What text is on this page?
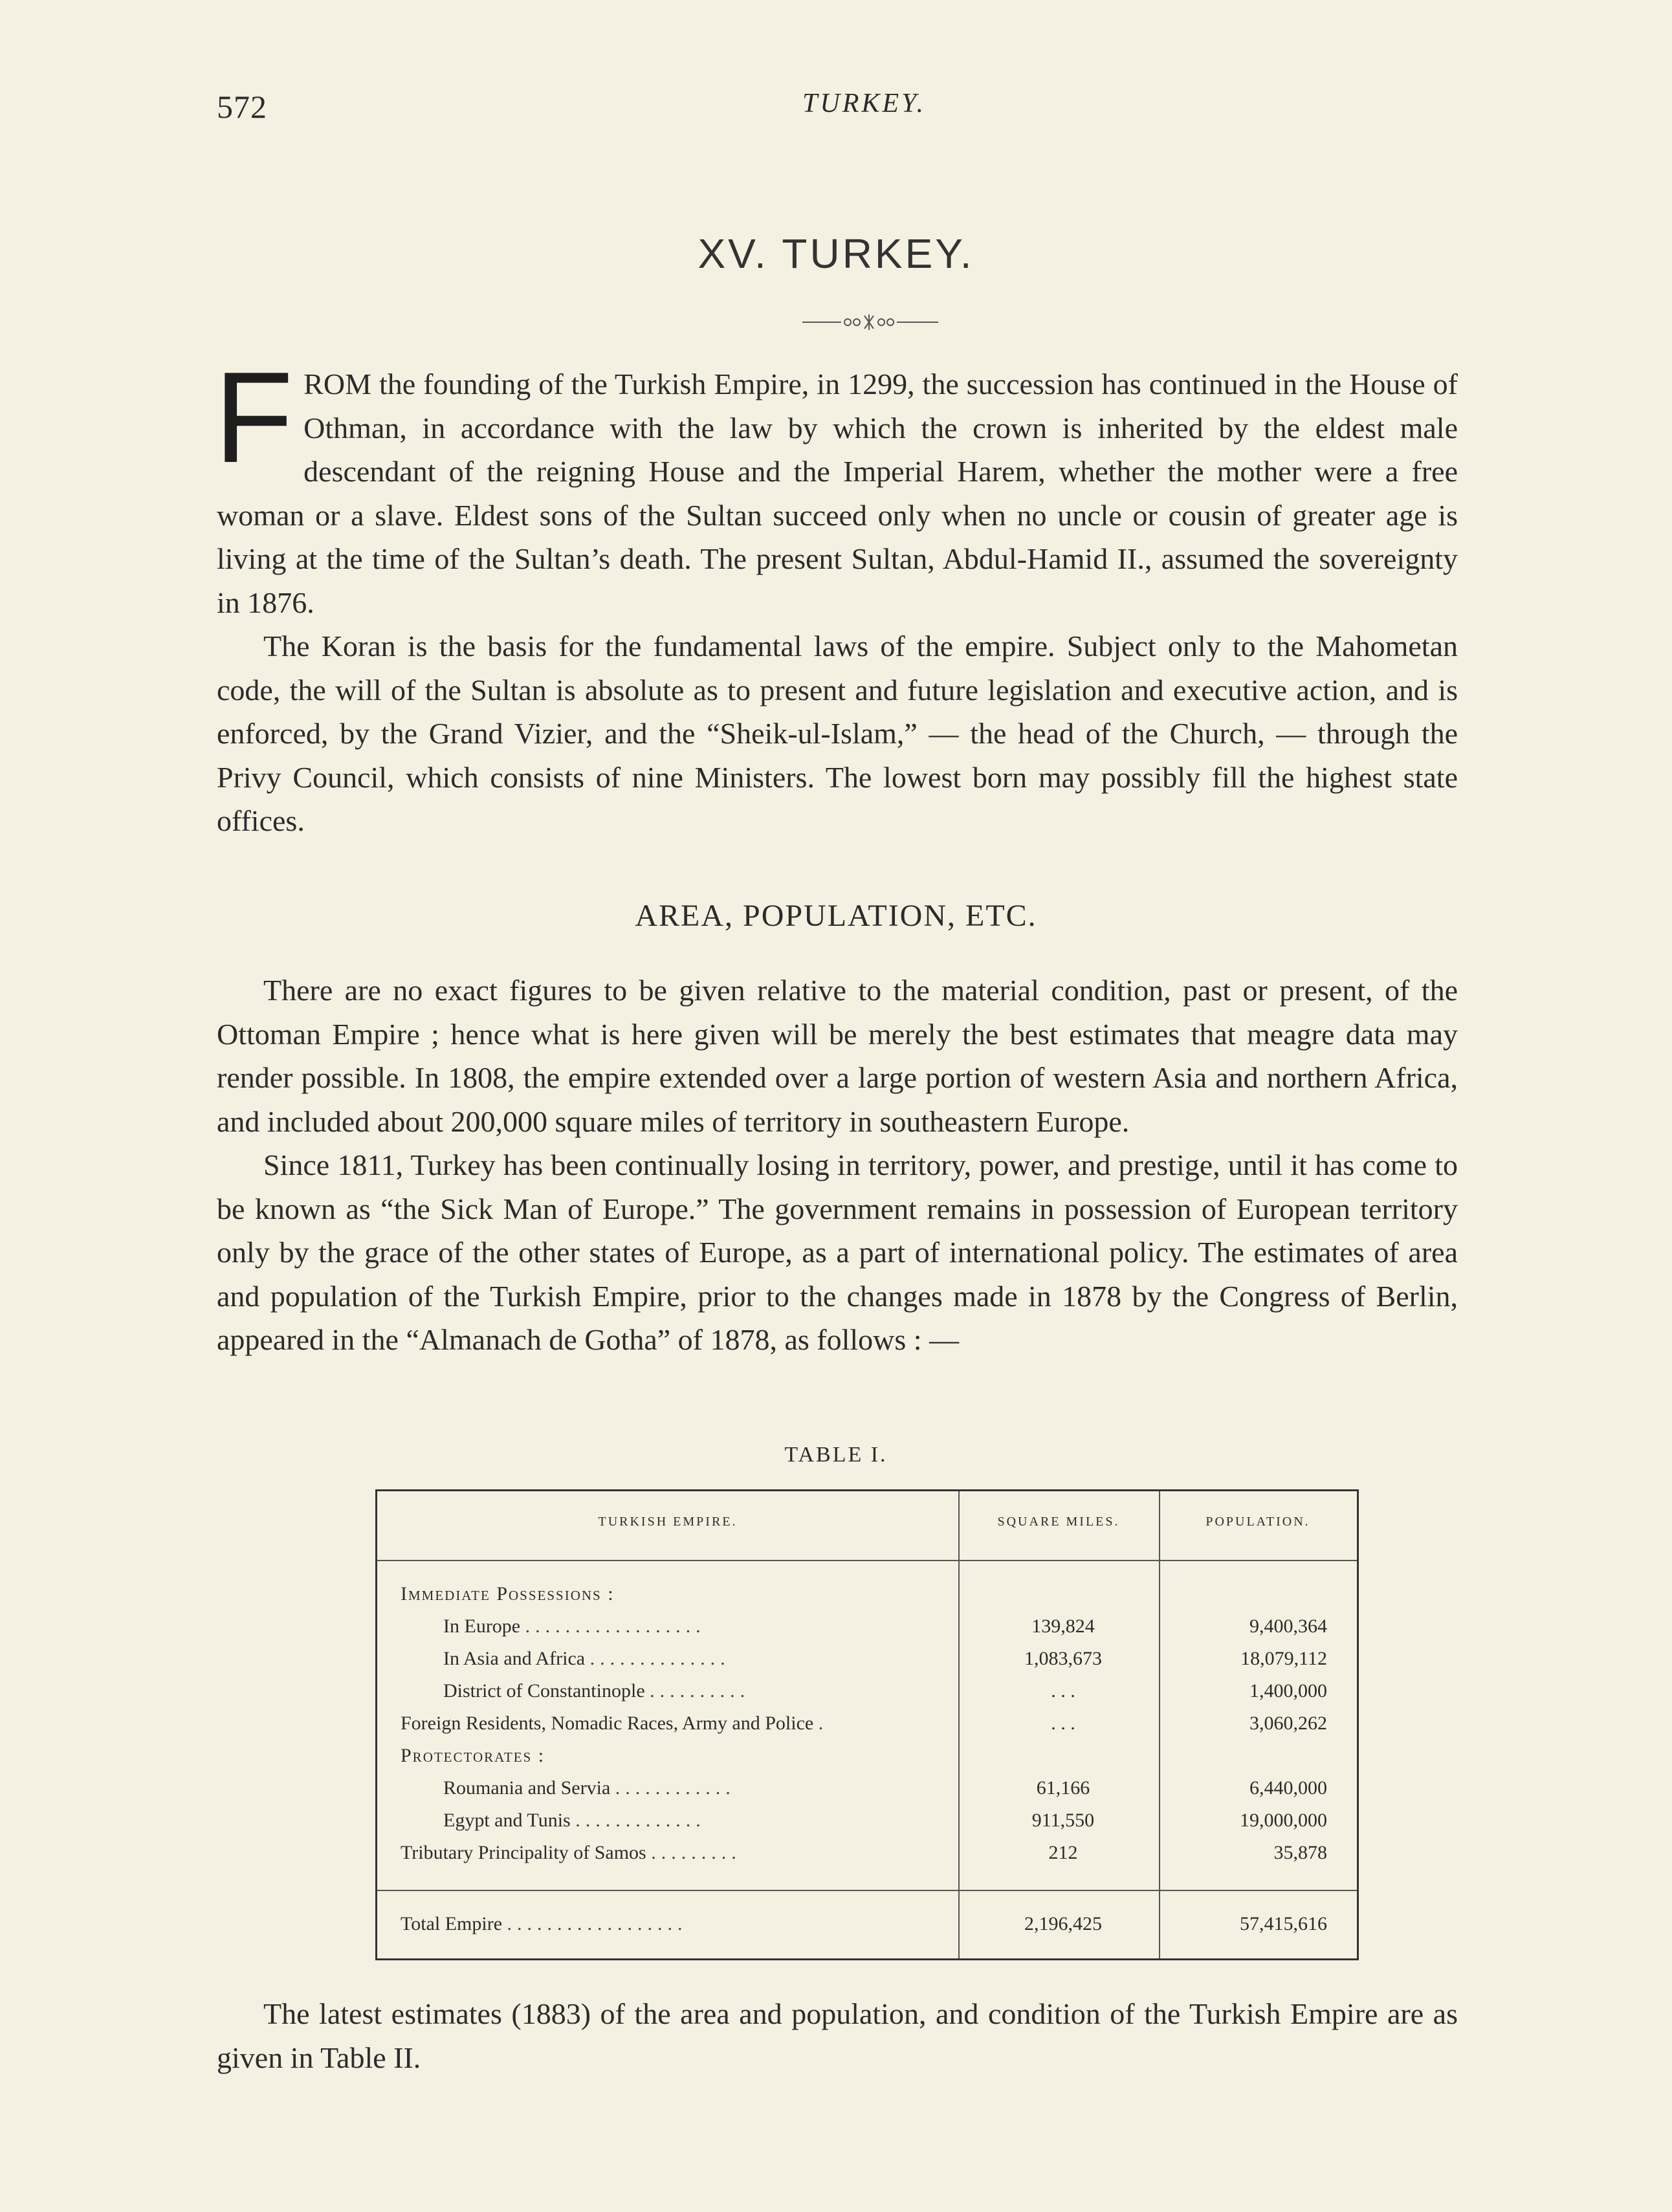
572	TURKEY.
XV. TURKEY.

FROM the founding of the Turkish Empire, in 1299, the succession has continued in the House of Othman, in accordance with the law by which the crown is inherited by the eldest male descendant of the reigning House and the Imperial Harem, whether the mother were a free woman or a slave. Eldest sons of the Sultan succeed only when no uncle or cousin of greater age is living at the time of the Sultan’s death. The present Sultan, Abdul-Hamid II., assumed the sovereignty in 1876.

The Koran is the basis for the fundamental laws of the empire. Subject only to the Mahometan code, the will of the Sultan is absolute as to present and future legislation and executive action, and is enforced, by the Grand Vizier, and the “Sheik-ul-Islam,” — the head of the Church, — through the Privy Council, which consists of nine Ministers. The lowest born may possibly fill the highest state offices.

AREA, POPULATION, ETC.

There are no exact figures to be given relative to the material condition, past or present, of the Ottoman Empire ; hence what is here given will be merely the best estimates that meagre data may render possible. In 1808, the empire extended over a large portion of western Asia and northern Africa, and included about 200,000 square miles of territory in southeastern Europe.

Since 1811, Turkey has been continually losing in territory, power, and prestige, until it has come to be known as “the Sick Man of Europe.” The government remains in possession of European territory only by the grace of the other states of Europe, as a part of international policy. The estimates of area and population of the Turkish Empire, prior to the changes made in 1878 by the Congress of Berlin, appeared in the “Almanach de Gotha” of 1878, as follows : —

TABLE I.
TURKISH EMPIRE.	SQUARE MILES.	POPULATION.
Immediate Possessions :
In Europe ..................	139,824	9,400,364
In Asia and Africa ..............	1,083,673	18,079,112
District of Constantinople ..........	. . .	1,400,000
Foreign Residents, Nomadic Races, Army and Police .	. . .	3,060,262
Protectorates :
Roumania and Servia ............	61,166	6,440,000
Egypt and Tunis .............	911,550	19,000,000
Tributary Principality of Samos .........	212	35,878
Total Empire ..................	2,196,425	57,415,616

The latest estimates (1883) of the area and population, and condition of the Turkish Empire are as given in Table II.
